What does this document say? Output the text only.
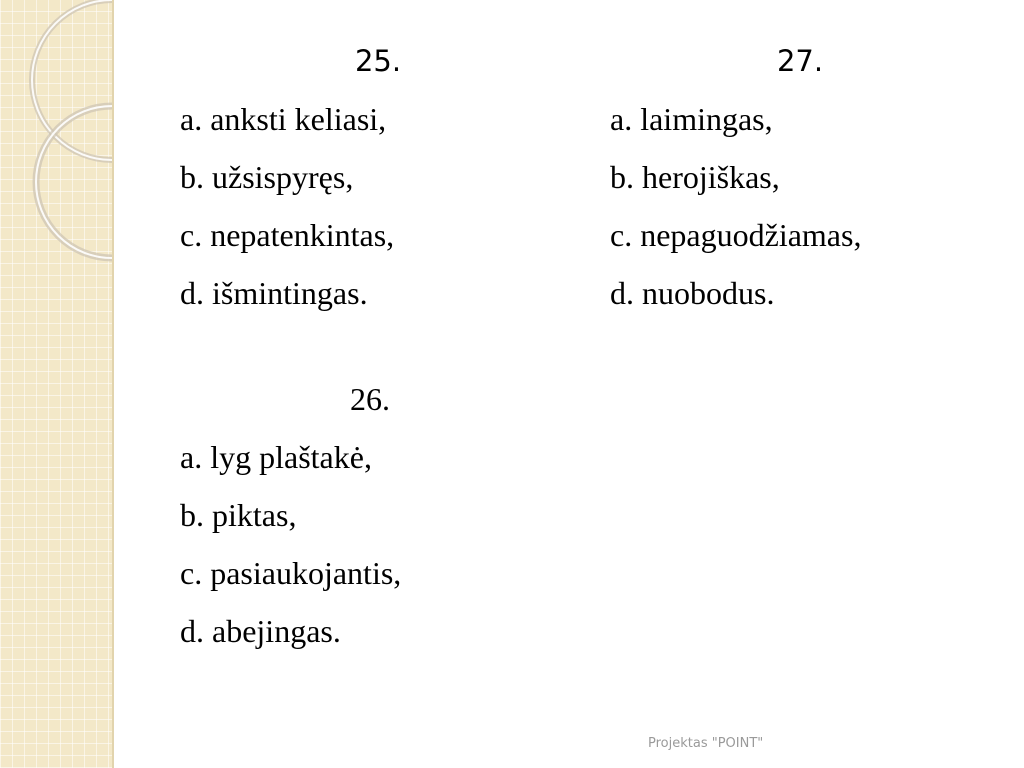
25.
a. anksti keliasi,
b. užsispyręs,
c. nepatenkintas,
d. išmintingas.
26.
a. lyg plaštakė,
b. piktas,
c. pasiaukojantis,
d. abejingas.
27.
a. laimingas,
b. herojiškas,
c. nepaguodžiamas,
d. nuobodus.
Projektas "POINT"
